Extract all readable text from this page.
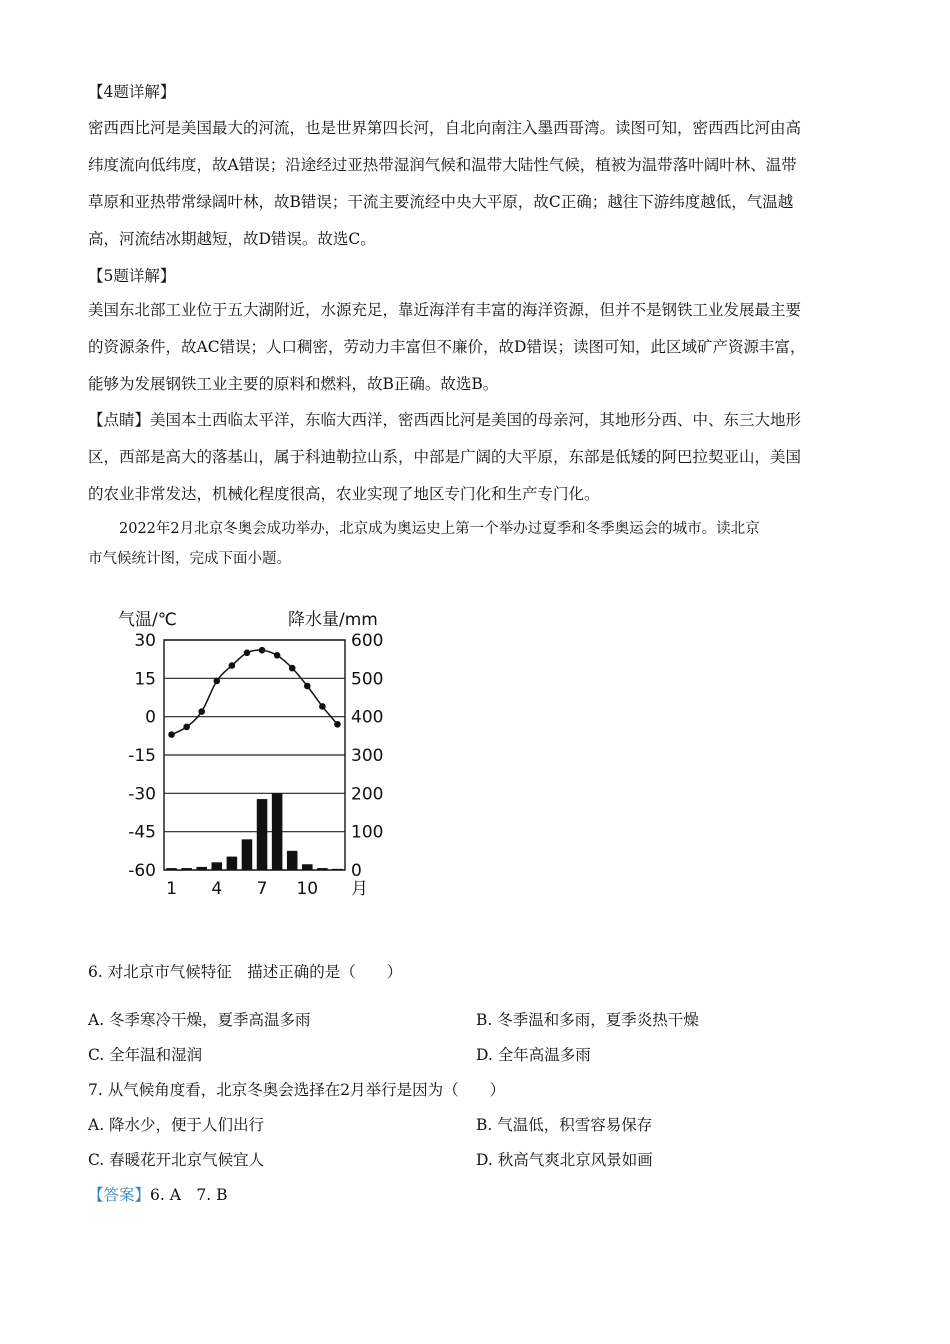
【4题详解】
密西西比河是美国最大的河流，也是世界第四长河，自北向南注入墨西哥湾。读图可知，密西西比河由高
纬度流向低纬度，故A错误；沿途经过亚热带湿润气候和温带大陆性气候，植被为温带落叶阔叶林、温带
草原和亚热带常绿阔叶林，故B错误；干流主要流经中央大平原，故C正确；越往下游纬度越低，气温越
高，河流结冰期越短，故D错误。故选C。
【5题详解】
美国东北部工业位于五大湖附近，水源充足，靠近海洋有丰富的海洋资源，但并不是钢铁工业发展最主要
的资源条件，故AC错误；人口稠密，劳动力丰富但不廉价，故D错误；读图可知，此区域矿产资源丰富，
能够为发展钢铁工业主要的原料和燃料，故B正确。故选B。
【点睛】美国本土西临太平洋，东临大西洋，密西西比河是美国的母亲河，其地形分西、中、东三大地形
区，西部是高大的落基山，属于科迪勒拉山系，中部是广阔的大平原，东部是低矮的阿巴拉契亚山，美国
的农业非常发达，机械化程度很高，农业实现了地区专门化和生产专门化。
2022年2月北京冬奥会成功举办，北京成为奥运史上第一个举办过夏季和冬季奥运会的城市。读北京
市气候统计图，完成下面小题。
气温/℃	降水量/mm
30
15
0
-15
-30
-45
-60
600
500
400
300
200
100
0
1 4 7 10 月
6. 对北京市气候特征　描述正确的是（　　）
A. 冬季寒冷干燥，夏季高温多雨	B. 冬季温和多雨，夏季炎热干燥
C. 全年温和湿润	D. 全年高温多雨
7. 从气候角度看，北京冬奥会选择在2月举行是因为（　　）
A. 降水少，便于人们出行	B. 气温低，积雪容易保存
C. 春暖花开北京气候宜人	D. 秋高气爽北京风景如画
【答案】6. A　7. B
